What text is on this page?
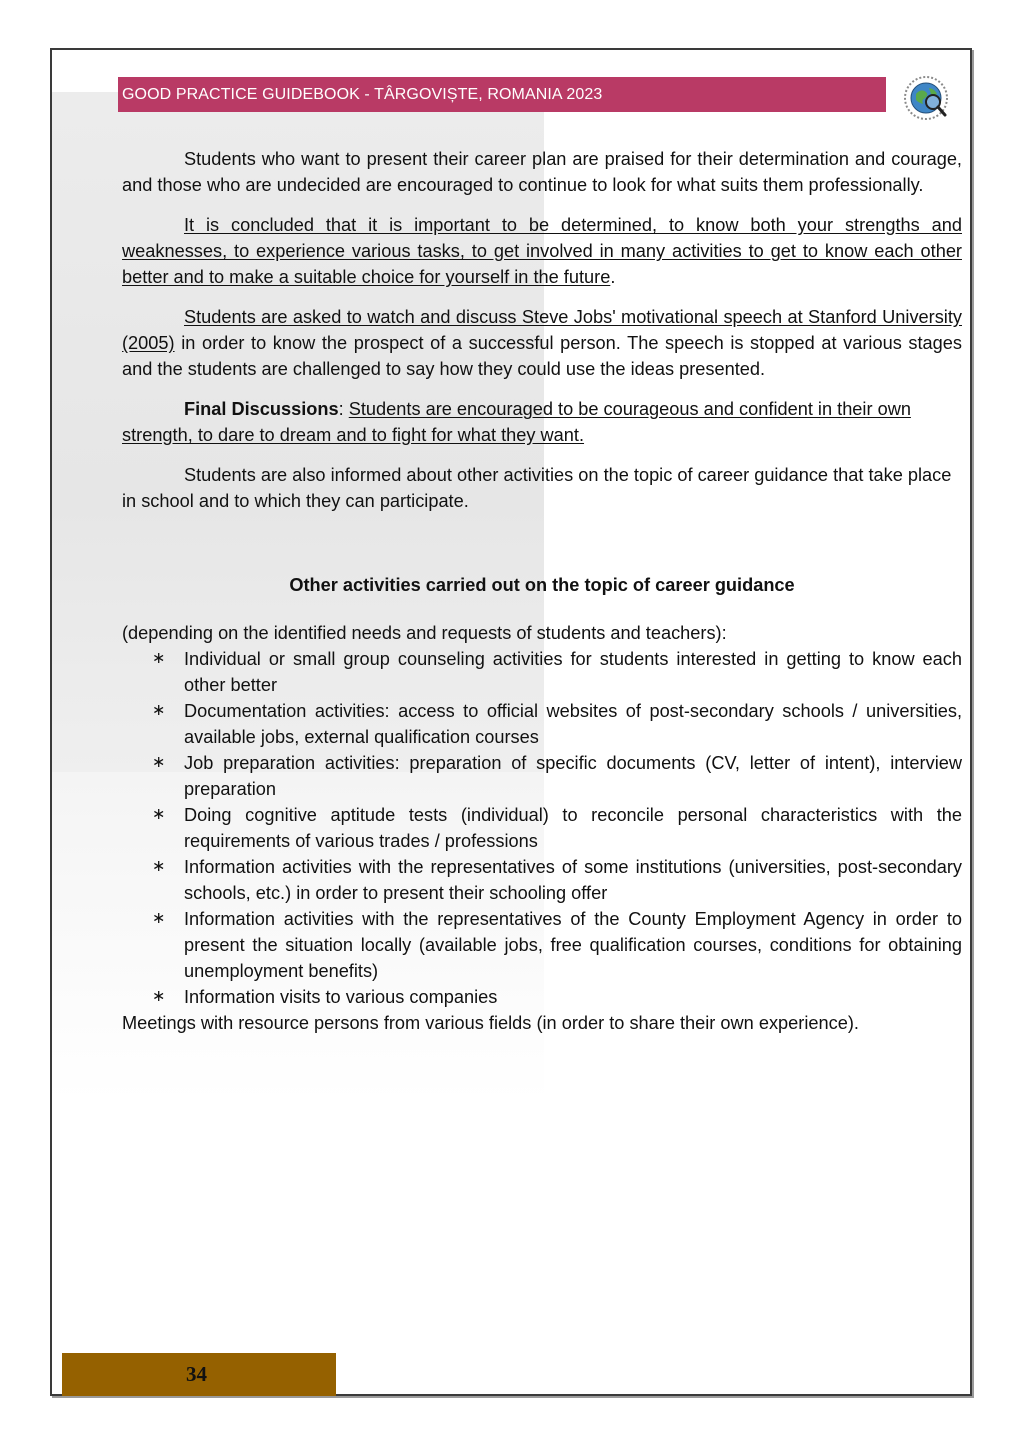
GOOD PRACTICE GUIDEBOOK - TÂRGOVIȘTE, ROMANIA 2023

Students who want to present their career plan are praised for their determination and courage, and those who are undecided are encouraged to continue to look for what suits them professionally.

It is concluded that it is important to be determined, to know both your strengths and weaknesses, to experience various tasks, to get involved in many activities to get to know each other better and to make a suitable choice for yourself in the future.

Students are asked to watch and discuss Steve Jobs' motivational speech at Stanford University (2005) in order to know the prospect of a successful person. The speech is stopped at various stages and the students are challenged to say how they could use the ideas presented.

Final Discussions: Students are encouraged to be courageous and confident in their own strength, to dare to dream and to fight for what they want.

Students are also informed about other activities on the topic of career guidance that take place in school and to which they can participate.

Other activities carried out on the topic of career guidance

(depending on the identified needs and requests of students and teachers):

∗ Individual or small group counseling activities for students interested in getting to know each other better
∗ Documentation activities: access to official websites of post-secondary schools / universities, available jobs, external qualification courses
∗ Job preparation activities: preparation of specific documents (CV, letter of intent), interview preparation
∗ Doing cognitive aptitude tests (individual) to reconcile personal characteristics with the requirements of various trades / professions
∗ Information activities with the representatives of some institutions (universities, post-secondary schools, etc.) in order to present their schooling offer
∗ Information activities with the representatives of the County Employment Agency in order to present the situation locally (available jobs, free qualification courses, conditions for obtaining unemployment benefits)
∗ Information visits to various companies

Meetings with resource persons from various fields (in order to share their own experience).

34
